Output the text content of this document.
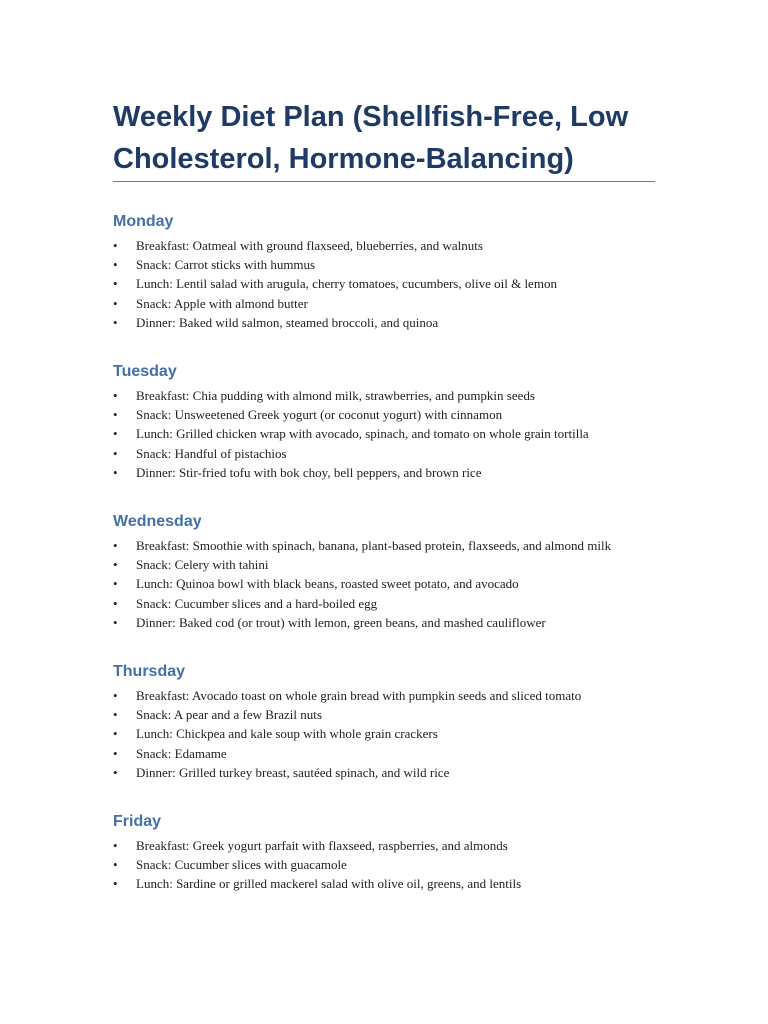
Weekly Diet Plan (Shellfish-Free, Low Cholesterol, Hormone-Balancing)
Monday
• Breakfast: Oatmeal with ground flaxseed, blueberries, and walnuts
• Snack: Carrot sticks with hummus
• Lunch: Lentil salad with arugula, cherry tomatoes, cucumbers, olive oil & lemon
• Snack: Apple with almond butter
• Dinner: Baked wild salmon, steamed broccoli, and quinoa
Tuesday
• Breakfast: Chia pudding with almond milk, strawberries, and pumpkin seeds
• Snack: Unsweetened Greek yogurt (or coconut yogurt) with cinnamon
• Lunch: Grilled chicken wrap with avocado, spinach, and tomato on whole grain tortilla
• Snack: Handful of pistachios
• Dinner: Stir-fried tofu with bok choy, bell peppers, and brown rice
Wednesday
• Breakfast: Smoothie with spinach, banana, plant-based protein, flaxseeds, and almond milk
• Snack: Celery with tahini
• Lunch: Quinoa bowl with black beans, roasted sweet potato, and avocado
• Snack: Cucumber slices and a hard-boiled egg
• Dinner: Baked cod (or trout) with lemon, green beans, and mashed cauliflower
Thursday
• Breakfast: Avocado toast on whole grain bread with pumpkin seeds and sliced tomato
• Snack: A pear and a few Brazil nuts
• Lunch: Chickpea and kale soup with whole grain crackers
• Snack: Edamame
• Dinner: Grilled turkey breast, sautéed spinach, and wild rice
Friday
• Breakfast: Greek yogurt parfait with flaxseed, raspberries, and almonds
• Snack: Cucumber slices with guacamole
• Lunch: Sardine or grilled mackerel salad with olive oil, greens, and lentils
